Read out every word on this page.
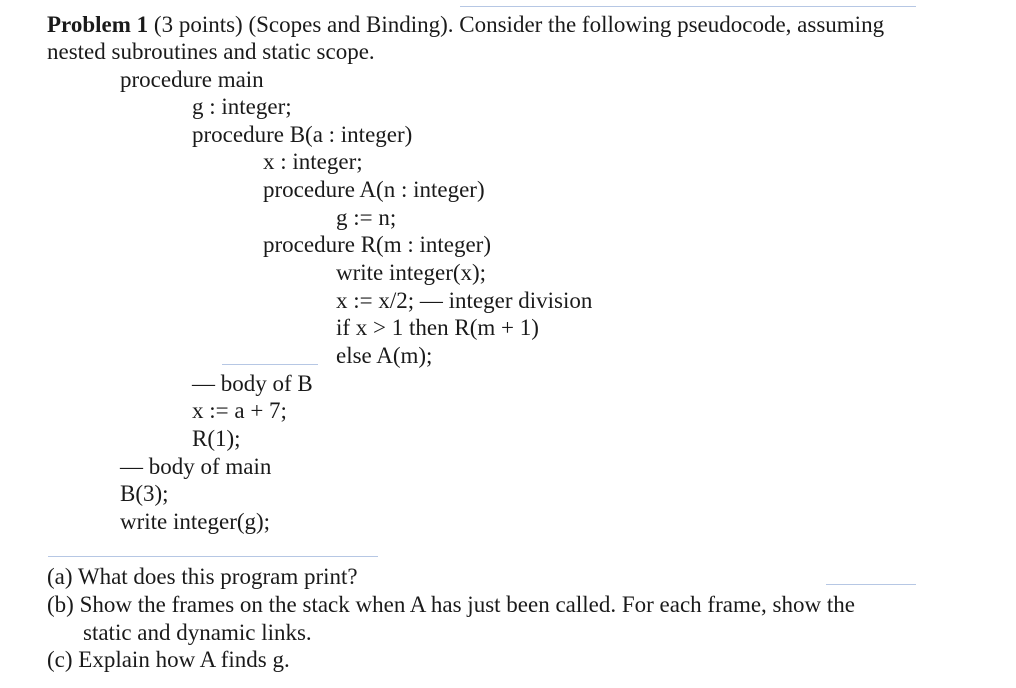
Problem 1 (3 points) (Scopes and Binding). Consider the following pseudocode, assuming
nested subroutines and static scope.
procedure main
g : integer;
procedure B(a : integer)
x : integer;
procedure A(n : integer)
g := n;
procedure R(m : integer)
write integer(x);
x := x/2; — integer division
if x > 1 then R(m + 1)
else A(m);
— body of B
x := a + 7;
R(1);
— body of main
B(3);
write integer(g);
(a) What does this program print?
(b) Show the frames on the stack when A has just been called. For each frame, show the
static and dynamic links.
(c) Explain how A finds g.
